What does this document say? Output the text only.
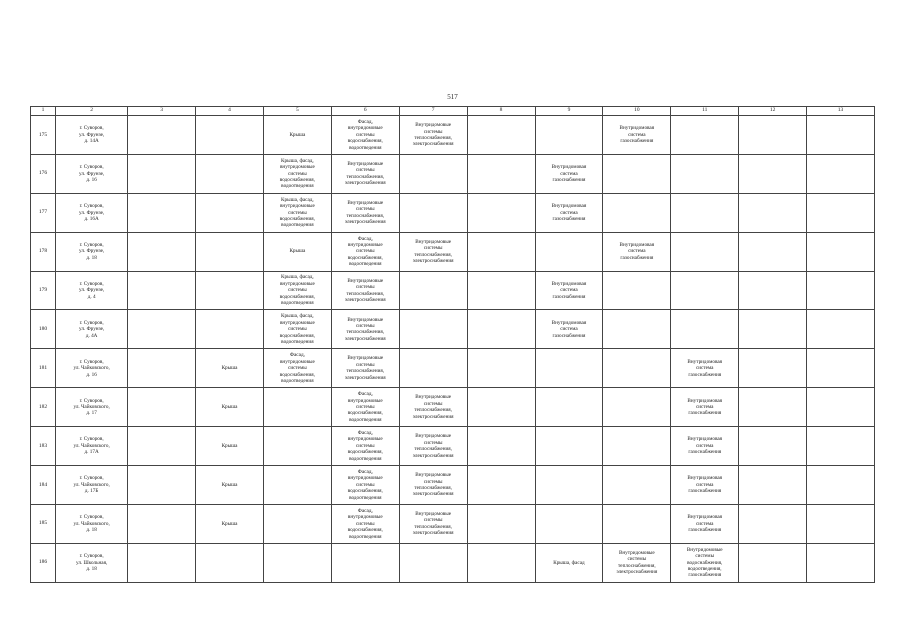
517
1	2	3	4	5	6	7	8	9	10	11	12	13
175	г. Суворов,
ул. Фрунзе,
д. 14А			Крыша	Фасад,
внутридомовые
системы
водоснабжения,
водоотведения	Внутридомовые
системы
теплоснабжения,
электроснабжения			Внутридомовая
система
газоснабжения			
176	г. Суворов,
ул. Фрунзе,
д. 16			Крыша, фасад,
внутридомовые
системы
водоснабжения,
водоотведения	Внутридомовые
системы
теплоснабжения,
электроснабжения			Внутридомовая
система
газоснабжения				
177	г. Суворов,
ул. Фрунзе,
д. 16А			Крыша, фасад,
внутридомовые
системы
водоснабжения,
водоотведения	Внутридомовые
системы
теплоснабжения,
электроснабжения			Внутридомовая
система
газоснабжения				
178	г. Суворов,
ул. Фрунзе,
д. 18			Крыша	Фасад,
внутридомовые
системы
водоснабжения,
водоотведения	Внутридомовые
системы
теплоснабжения,
электроснабжения			Внутридомовая
система
газоснабжения			
179	г. Суворов,
ул. Фрунзе,
д. 4			Крыша, фасад,
внутридомовые
системы
водоснабжения,
водоотведения	Внутридомовые
системы
теплоснабжения,
электроснабжения			Внутридомовая
система
газоснабжения				
180	г. Суворов,
ул. Фрунзе,
д. 4А			Крыша, фасад,
внутридомовые
системы
водоснабжения,
водоотведения	Внутридомовые
системы
теплоснабжения,
электроснабжения			Внутридомовая
система
газоснабжения				
181	г. Суворов,
ул. Чайковского,
д. 16		Крыша	Фасад,
внутридомовые
системы
водоснабжения,
водоотведения	Внутридомовые
системы
теплоснабжения,
электроснабжения					Внутридомовая
система
газоснабжения		
182	г. Суворов,
ул. Чайковского,
д. 17		Крыша		Фасад,
внутридомовые
системы
водоснабжения,
водоотведения	Внутридомовые
системы
теплоснабжения,
электроснабжения				Внутридомовая
система
газоснабжения		
183	г. Суворов,
ул. Чайковского,
д. 17А		Крыша		Фасад,
внутридомовые
системы
водоснабжения,
водоотведения	Внутридомовые
системы
теплоснабжения,
электроснабжения				Внутридомовая
система
газоснабжения		
184	г. Суворов,
ул. Чайковского,
д. 17Б		Крыша		Фасад,
внутридомовые
системы
водоснабжения,
водоотведения	Внутридомовые
системы
теплоснабжения,
электроснабжения				Внутридомовая
система
газоснабжения		
185	г. Суворов,
ул. Чайковского,
д. 18		Крыша		Фасад,
внутридомовые
системы
водоснабжения,
водоотведения	Внутридомовые
системы
теплоснабжения,
электроснабжения				Внутридомовая
система
газоснабжения		
186	г. Суворов,
ул. Школьная,
д. 18							Крыша, фасад	Внутридомовые
системы
теплоснабжения,
электроснабжения	Внутридомовые
системы
водоснабжения,
водоотведения,
газоснабжения		
